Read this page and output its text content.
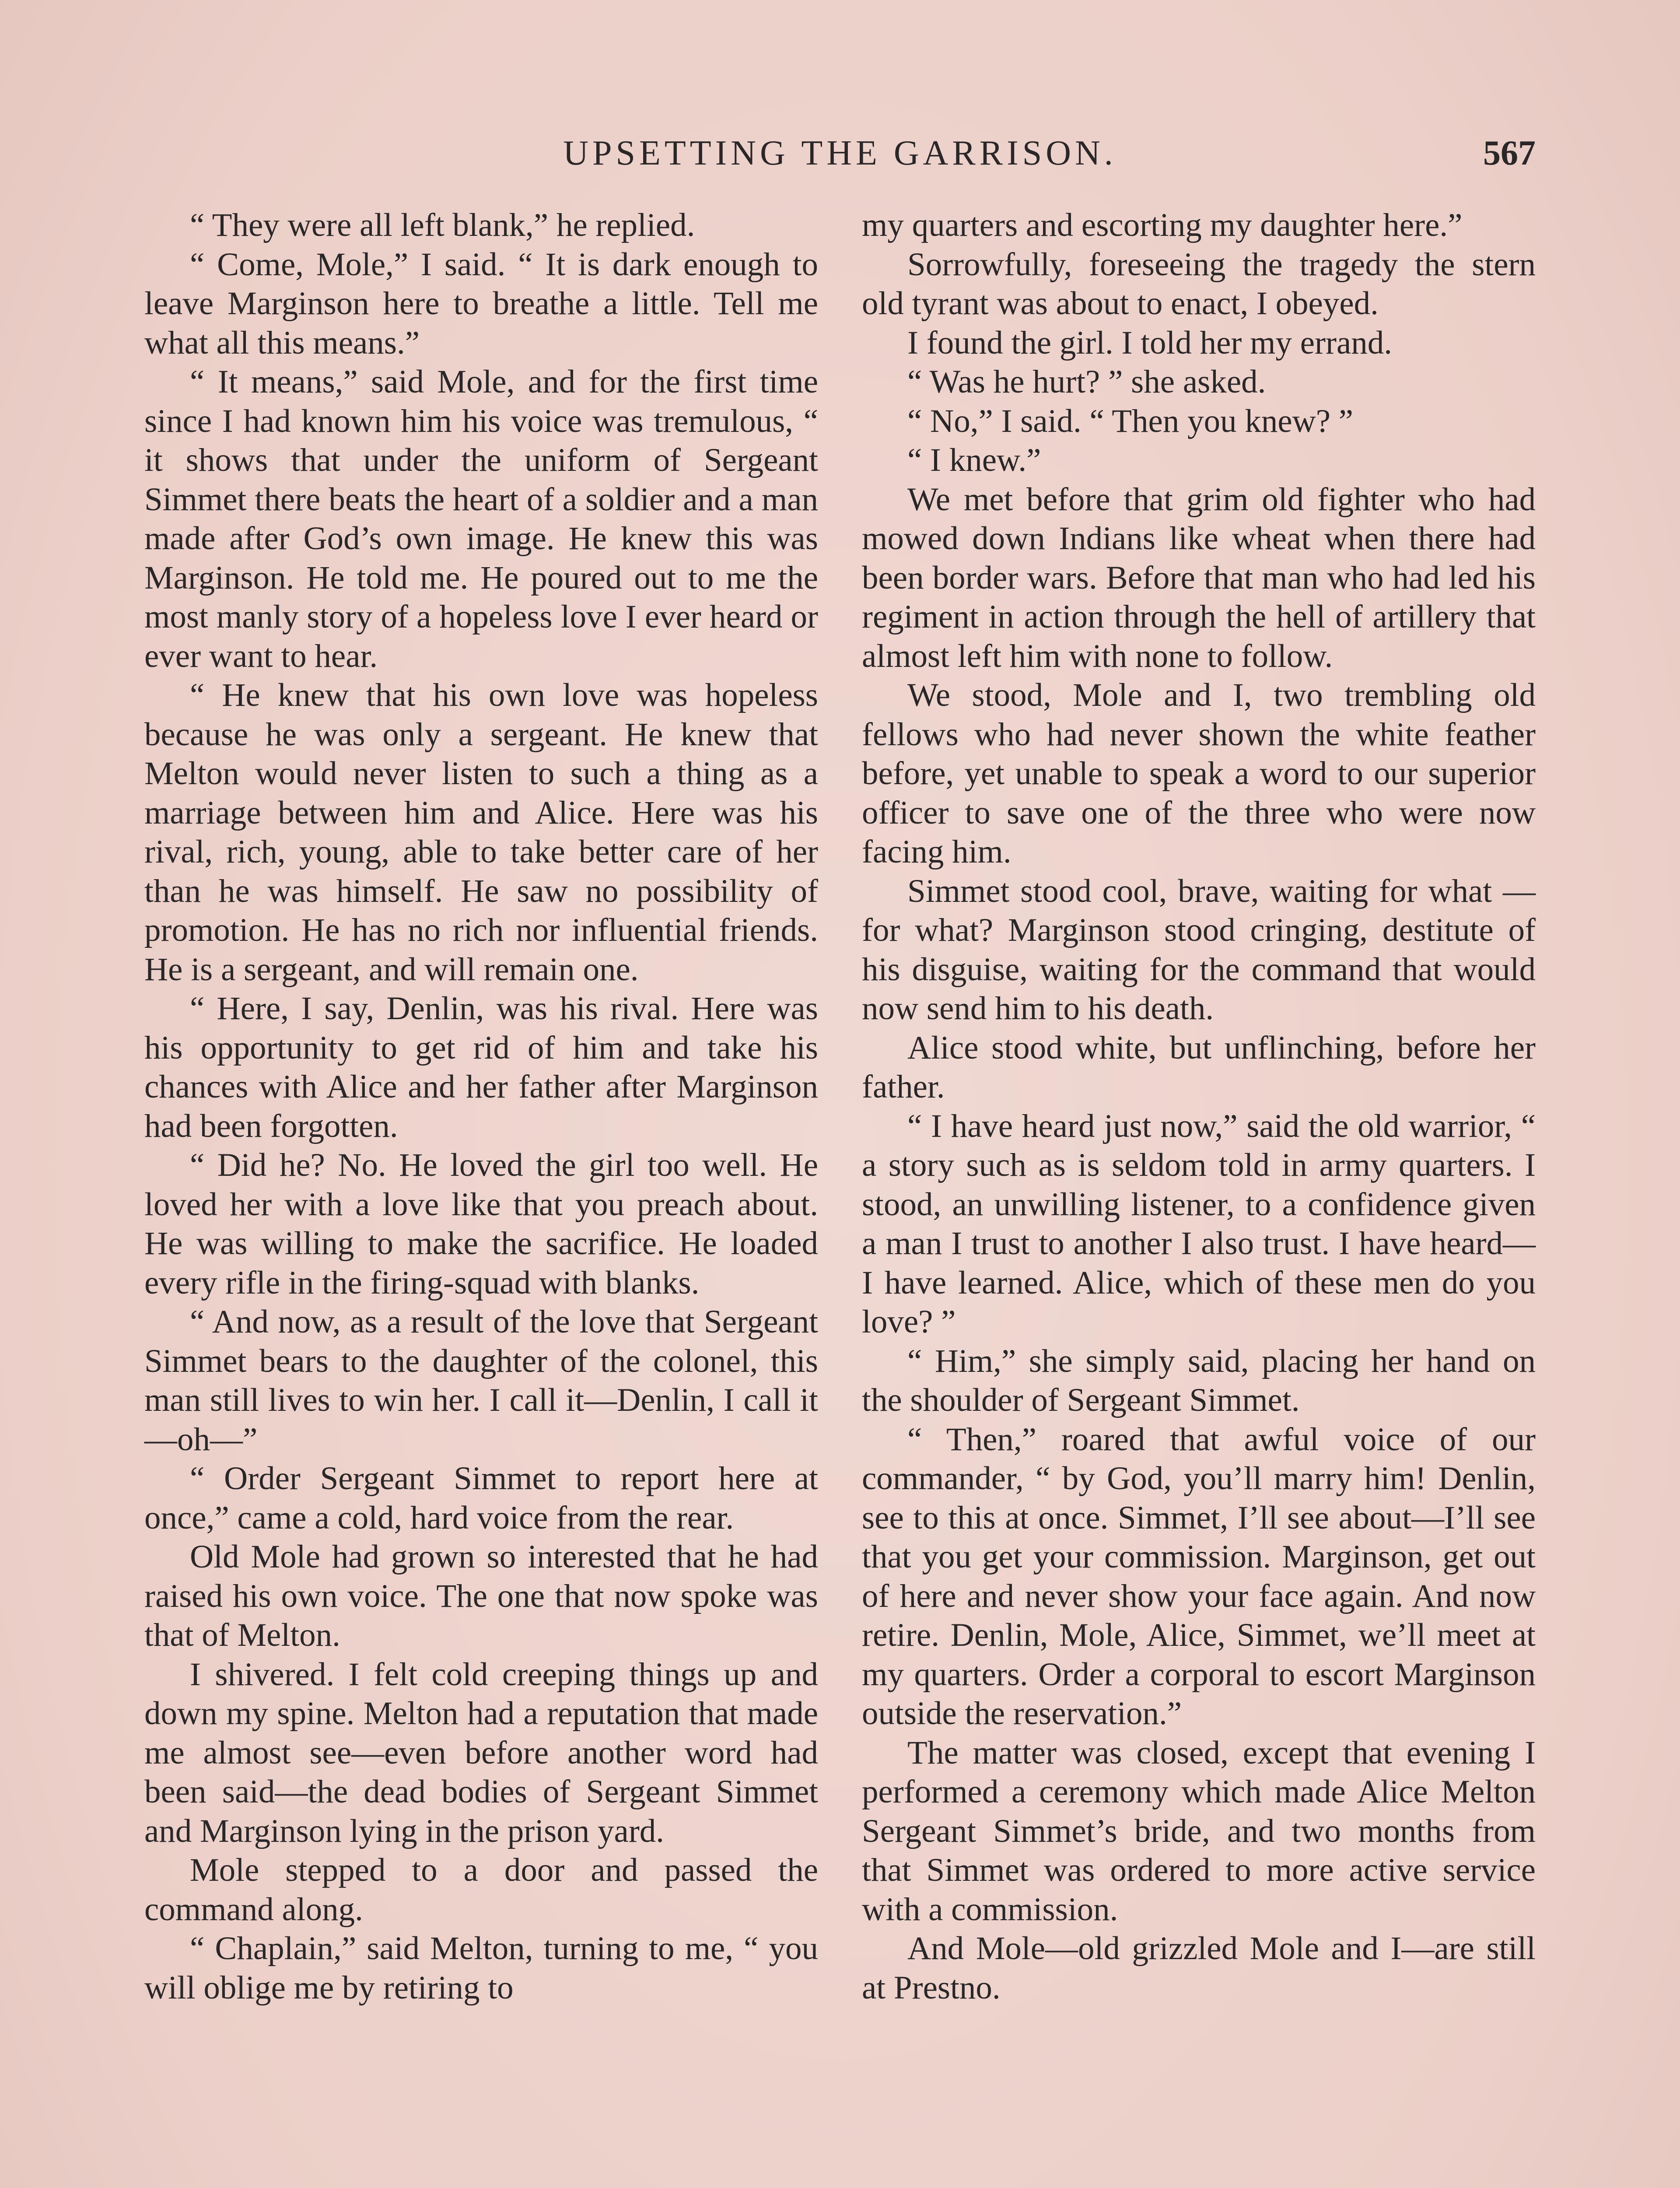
UPSETTING THE GARRISON.	567

“ They were all left blank,” he replied.

“ Come, Mole,” I said. “ It is dark enough to leave Marginson here to breathe a little. Tell me what all this means.”

“ It means,” said Mole, and for the first time since I had known him his voice was tremulous, “ it shows that under the uniform of Sergeant Simmet there beats the heart of a soldier and a man made after God’s own image. He knew this was Marginson. He told me. He poured out to me the most manly story of a hopeless love I ever heard or ever want to hear.

“ He knew that his own love was hopeless because he was only a sergeant. He knew that Melton would never listen to such a thing as a marriage between him and Alice. Here was his rival, rich, young, able to take better care of her than he was himself. He saw no possibility of promotion. He has no rich nor influential friends. He is a sergeant, and will remain one.

“ Here, I say, Denlin, was his rival. Here was his opportunity to get rid of him and take his chances with Alice and her father after Marginson had been forgotten.

“ Did he? No. He loved the girl too well. He loved her with a love like that you preach about. He was willing to make the sacrifice. He loaded every rifle in the firing-squad with blanks.

“ And now, as a result of the love that Sergeant Simmet bears to the daughter of the colonel, this man still lives to win her. I call it—Denlin, I call it—oh—”

“ Order Sergeant Simmet to report here at once,” came a cold, hard voice from the rear.

Old Mole had grown so interested that he had raised his own voice. The one that now spoke was that of Melton.

I shivered. I felt cold creeping things up and down my spine. Melton had a reputation that made me almost see—even before another word had been said—the dead bodies of Sergeant Simmet and Marginson lying in the prison yard.

Mole stepped to a door and passed the command along.

“ Chaplain,” said Melton, turning to me, “ you will oblige me by retiring to

my quarters and escorting my daughter here.”

Sorrowfully, foreseeing the tragedy the stern old tyrant was about to enact, I obeyed.

I found the girl. I told her my errand.

“ Was he hurt? ” she asked.

“ No,” I said. “ Then you knew? ”

“ I knew.”

We met before that grim old fighter who had mowed down Indians like wheat when there had been border wars. Before that man who had led his regiment in action through the hell of artillery that almost left him with none to follow.

We stood, Mole and I, two trembling old fellows who had never shown the white feather before, yet unable to speak a word to our superior officer to save one of the three who were now facing him.

Simmet stood cool, brave, waiting for what — for what? Marginson stood cringing, destitute of his disguise, waiting for the command that would now send him to his death.

Alice stood white, but unflinching, before her father.

“ I have heard just now,” said the old warrior, “ a story such as is seldom told in army quarters. I stood, an unwilling listener, to a confidence given a man I trust to another I also trust. I have heard—I have learned. Alice, which of these men do you love? ”

“ Him,” she simply said, placing her hand on the shoulder of Sergeant Simmet.

“ Then,” roared that awful voice of our commander, “ by God, you’ll marry him! Denlin, see to this at once. Simmet, I’ll see about—I’ll see that you get your commission. Marginson, get out of here and never show your face again. And now retire. Denlin, Mole, Alice, Simmet, we’ll meet at my quarters. Order a corporal to escort Marginson outside the reservation.”

The matter was closed, except that evening I performed a ceremony which made Alice Melton Sergeant Simmet’s bride, and two months from that Simmet was ordered to more active service with a commission.

And Mole—old grizzled Mole and I—are still at Prestno.
